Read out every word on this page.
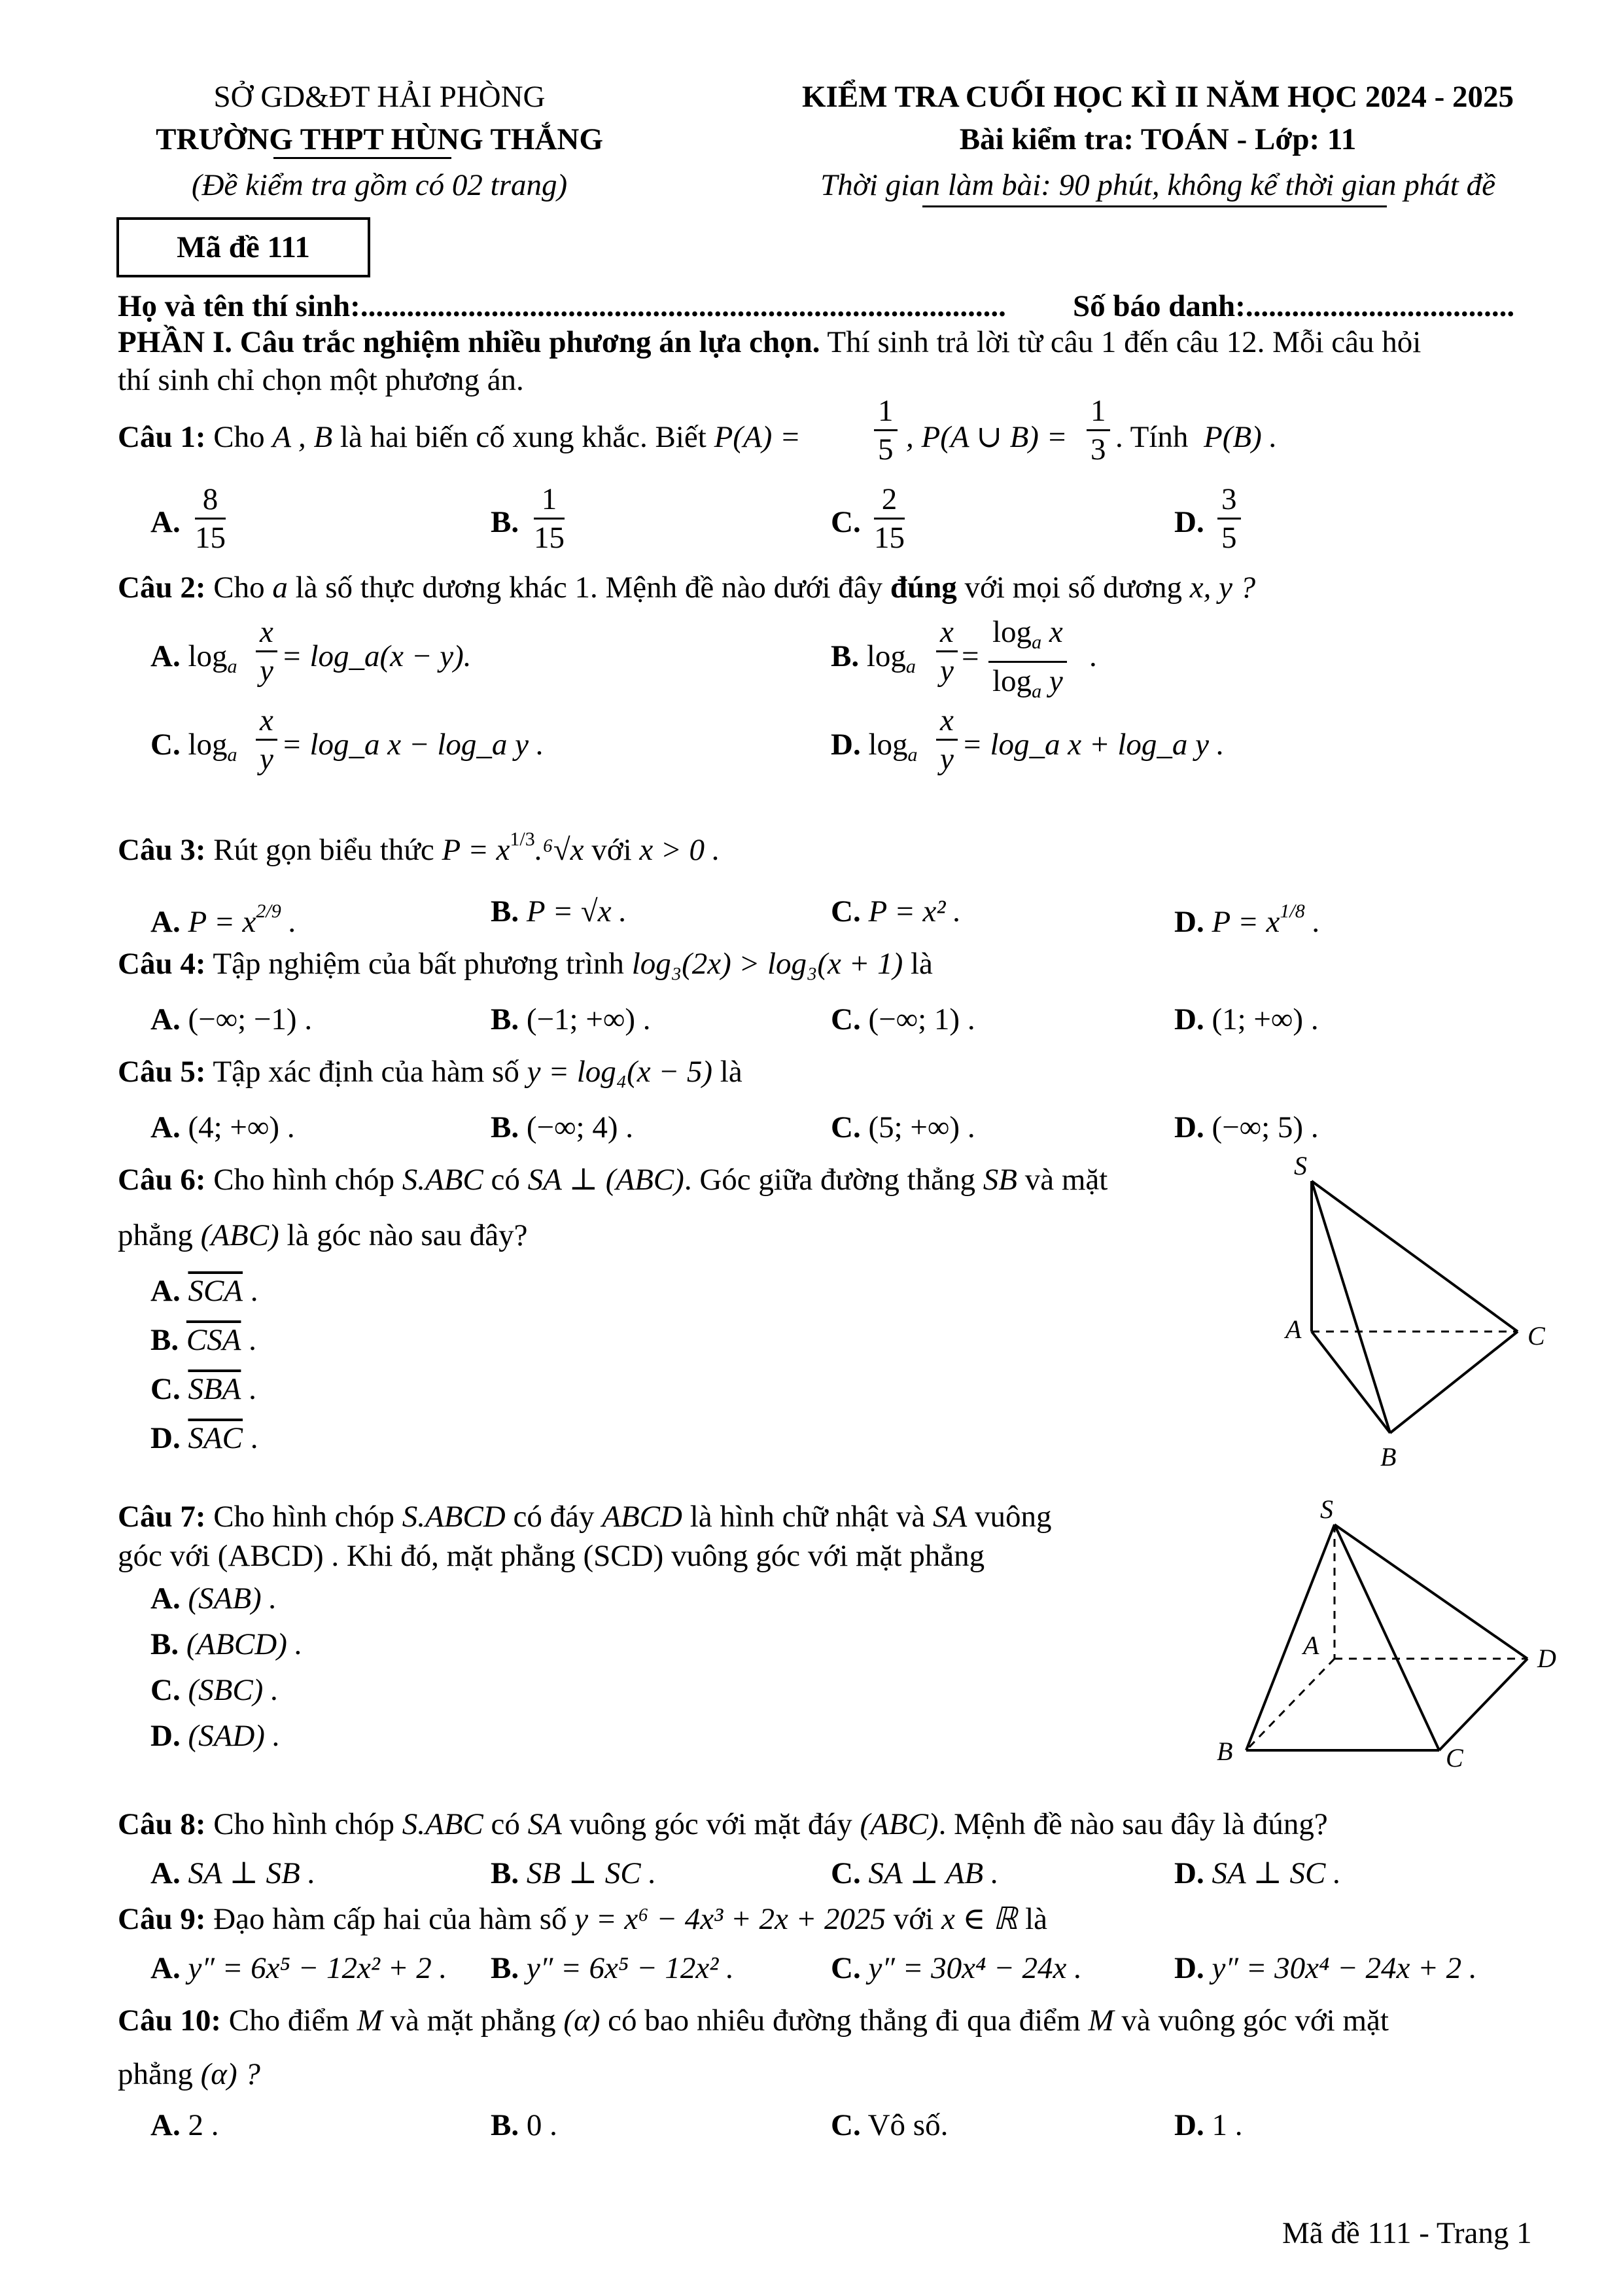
SỞ GD&ĐT HẢI PHÒNG
TRƯỜNG THPT HÙNG THẮNG
(Đề kiểm tra gồm có 02 trang)
KIỂM TRA CUỐI HỌC KÌ II NĂM HỌC 2024 - 2025
Bài kiểm tra: TOÁN - Lớp: 11
Thời gian làm bài: 90 phút, không kể thời gian phát đề
Mã đề 111
Họ và tên thí sinh:.................................................................................... Số báo danh:...................................
PHẦN I. Câu trắc nghiệm nhiều phương án lựa chọn. Thí sinh trả lời từ câu 1 đến câu 12. Mỗi câu hỏi
thí sinh chỉ chọn một phương án.
Câu 1: Cho A , B là hai biến cố xung khắc. Biết $P(A) = \frac{1}{5}$ , P(A ∪ $B) = \frac{1}{3}$ . Tính P(B) .
A. $\frac{8}{15}$	B. $\frac{1}{15}$	C. $\frac{2}{15}$	D. $\frac{3}{5}$
Câu 2: Cho a là số thực dương khác 1. Mệnh đề nào dưới đây đúng với mọi số dương x, y ?
A. $\log_a \frac{x}{y}$ = log_a(x − y).	B. $\log_a \frac{x}{y} = \frac{\log_a x}{\log_a y}$ .
C. $\log_a \frac{x}{y}$ = log_a x − log_a y .	D. $\log_a \frac{x}{y}$ = log_a x + log_a y .
Câu 3: Rút gọn biểu thức $P = x^{1/3}.^6√x$ với x > 0 .
A. $P = x^{2/9}$ .	B. P = √x .	C. P = x² .	D. $P = x^{1/8}$ .
Câu 4: Tập nghiệm của bất phương trình log₃(2x) > log₃(x + 1) là
A. (−∞; −1) .	B. (−1; +∞) .	C. (−∞; 1) .	D. (1; +∞) .
Câu 5: Tập xác định của hàm số y = log₄(x − 5) là
A. (4; +∞) .	B. (−∞; 4) .	C. (5; +∞) .	D. (−∞; 5) .
Câu 6: Cho hình chóp S.ABC có SA ⊥ (ABC). Góc giữa đường thẳng SB và mặt
phẳng (ABC) là góc nào sau đây?
A. $\overline{SCA}$ .
B. $\overline{CSA}$ .
C. $\overline{SBA}$ .
D. $\overline{SAC}$ .
S
A
B
C
Câu 7: Cho hình chóp S.ABCD có đáy ABCD là hình chữ nhật và SA vuông
góc với (ABCD) . Khi đó, mặt phẳng (SCD) vuông góc với mặt phẳng
A. (SAB) .
B. (ABCD) .
C. (SBC) .
D. (SAD) .
S
A
B	C
D
Câu 8: Cho hình chóp S.ABC có SA vuông góc với mặt đáy (ABC). Mệnh đề nào sau đây là đúng?
A. SA ⊥ SB .	B. SB ⊥ SC .	C. SA ⊥ AB .	D. SA ⊥ SC .
Câu 9: Đạo hàm cấp hai của hàm số y = x⁶ − 4x³ + 2x + 2025 với x ∈ ℝ là
A. y″ = 6x⁵ − 12x² + 2 . B. y″ = 6x⁵ − 12x² .	C. y″ = 30x⁴ − 24x .	D. y″ = 30x⁴ − 24x + 2 .
Câu 10: Cho điểm M và mặt phẳng (α) có bao nhiêu đường thẳng đi qua điểm M và vuông góc với mặt
phẳng (α) ?
A. 2 .	B. 0 .	C. Vô số.	D. 1 .
Mã đề 111 - Trang 1
